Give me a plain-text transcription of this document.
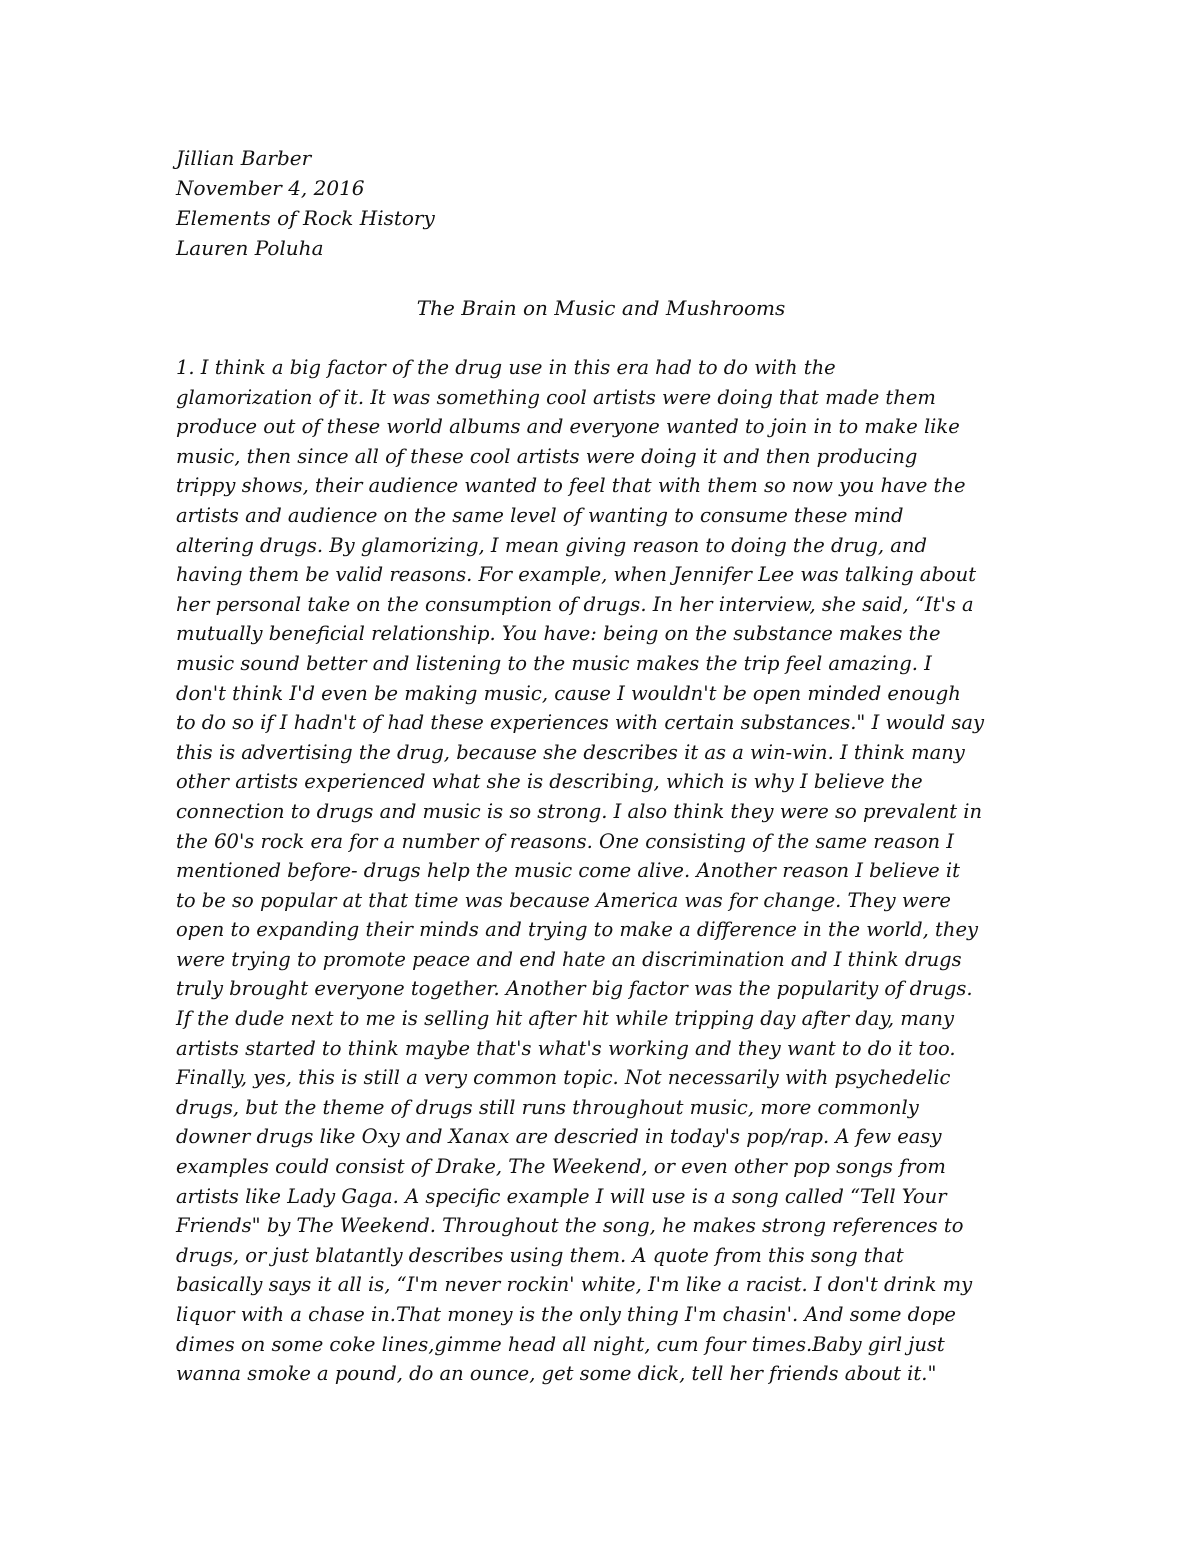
Jillian Barber
November 4, 2016
Elements of Rock History
Lauren Poluha
The Brain on Music and Mushrooms
1. I think a big factor of the drug use in this era had to do with the
glamorization of it. It was something cool artists were doing that made them
produce out of these world albums and everyone wanted to join in to make like
music, then since all of these cool artists were doing it and then producing
trippy shows, their audience wanted to feel that with them so now you have the
artists and audience on the same level of wanting to consume these mind
altering drugs. By glamorizing, I mean giving reason to doing the drug, and
having them be valid reasons. For example, when Jennifer Lee was talking about
her personal take on the consumption of drugs. In her interview, she said, “It's a
mutually beneficial relationship. You have: being on the substance makes the
music sound better and listening to the music makes the trip feel amazing. I
don't think I'd even be making music, cause I wouldn't be open minded enough
to do so if I hadn't of had these experiences with certain substances." I would say
this is advertising the drug, because she describes it as a win-win. I think many
other artists experienced what she is describing, which is why I believe the
connection to drugs and music is so strong. I also think they were so prevalent in
the 60's rock era for a number of reasons. One consisting of the same reason I
mentioned before- drugs help the music come alive. Another reason I believe it
to be so popular at that time was because America was for change. They were
open to expanding their minds and trying to make a difference in the world, they
were trying to promote peace and end hate an discrimination and I think drugs
truly brought everyone together. Another big factor was the popularity of drugs.
If the dude next to me is selling hit after hit while tripping day after day, many
artists started to think maybe that's what's working and they want to do it too.
Finally, yes, this is still a very common topic. Not necessarily with psychedelic
drugs, but the theme of drugs still runs throughout music, more commonly
downer drugs like Oxy and Xanax are descried in today's pop/rap. A few easy
examples could consist of Drake, The Weekend, or even other pop songs from
artists like Lady Gaga. A specific example I will use is a song called “Tell Your
Friends" by The Weekend. Throughout the song, he makes strong references to
drugs, or just blatantly describes using them. A quote from this song that
basically says it all is, “I'm never rockin' white, I'm like a racist. I don't drink my
liquor with a chase in.That money is the only thing I'm chasin'. And some dope
dimes on some coke lines,gimme head all night, cum four times.Baby girl just
wanna smoke a pound, do an ounce, get some dick, tell her friends about it."
